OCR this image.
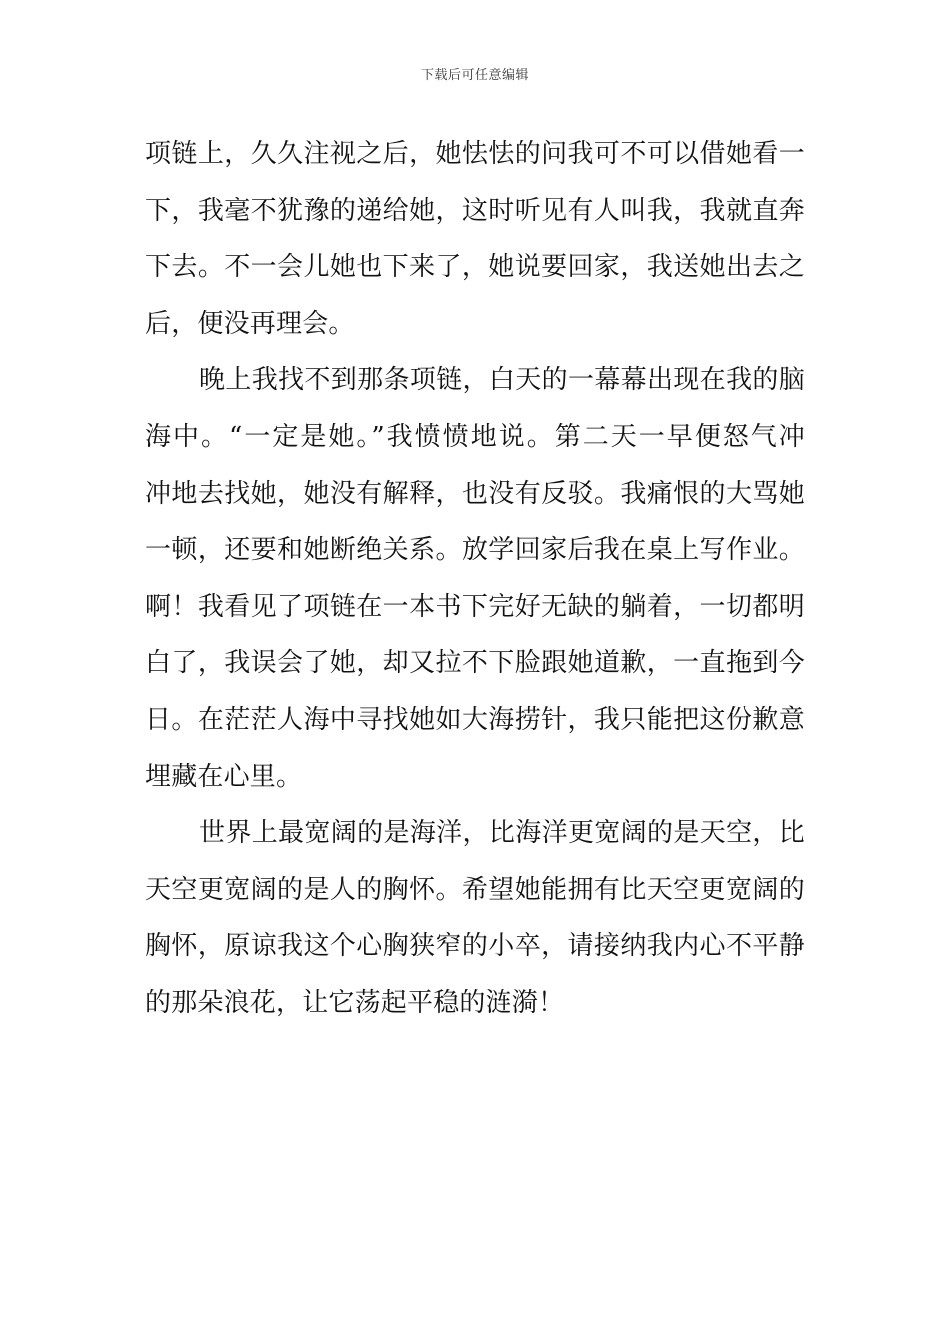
下载后可任意编辑
项链上，久久注视之后，她怯怯的问我可不可以借她看一
下，我毫不犹豫的递给她，这时听见有人叫我，我就直奔
下去。不一会儿她也下来了，她说要回家，我送她出去之
后，便没再理会。
晚上我找不到那条项链，白天的一幕幕出现在我的脑
海中。“一定是她。”我愤愤地说。第二天一早便怒气冲
冲地去找她，她没有解释，也没有反驳。我痛恨的大骂她
一顿，还要和她断绝关系。放学回家后我在桌上写作业。
啊！我看见了项链在一本书下完好无缺的躺着，一切都明
白了，我误会了她，却又拉不下脸跟她道歉，一直拖到今
日。在茫茫人海中寻找她如大海捞针，我只能把这份歉意
埋藏在心里。
世界上最宽阔的是海洋，比海洋更宽阔的是天空，比
天空更宽阔的是人的胸怀。希望她能拥有比天空更宽阔的
胸怀，原谅我这个心胸狭窄的小卒，请接纳我内心不平静
的那朵浪花，让它荡起平稳的涟漪！
